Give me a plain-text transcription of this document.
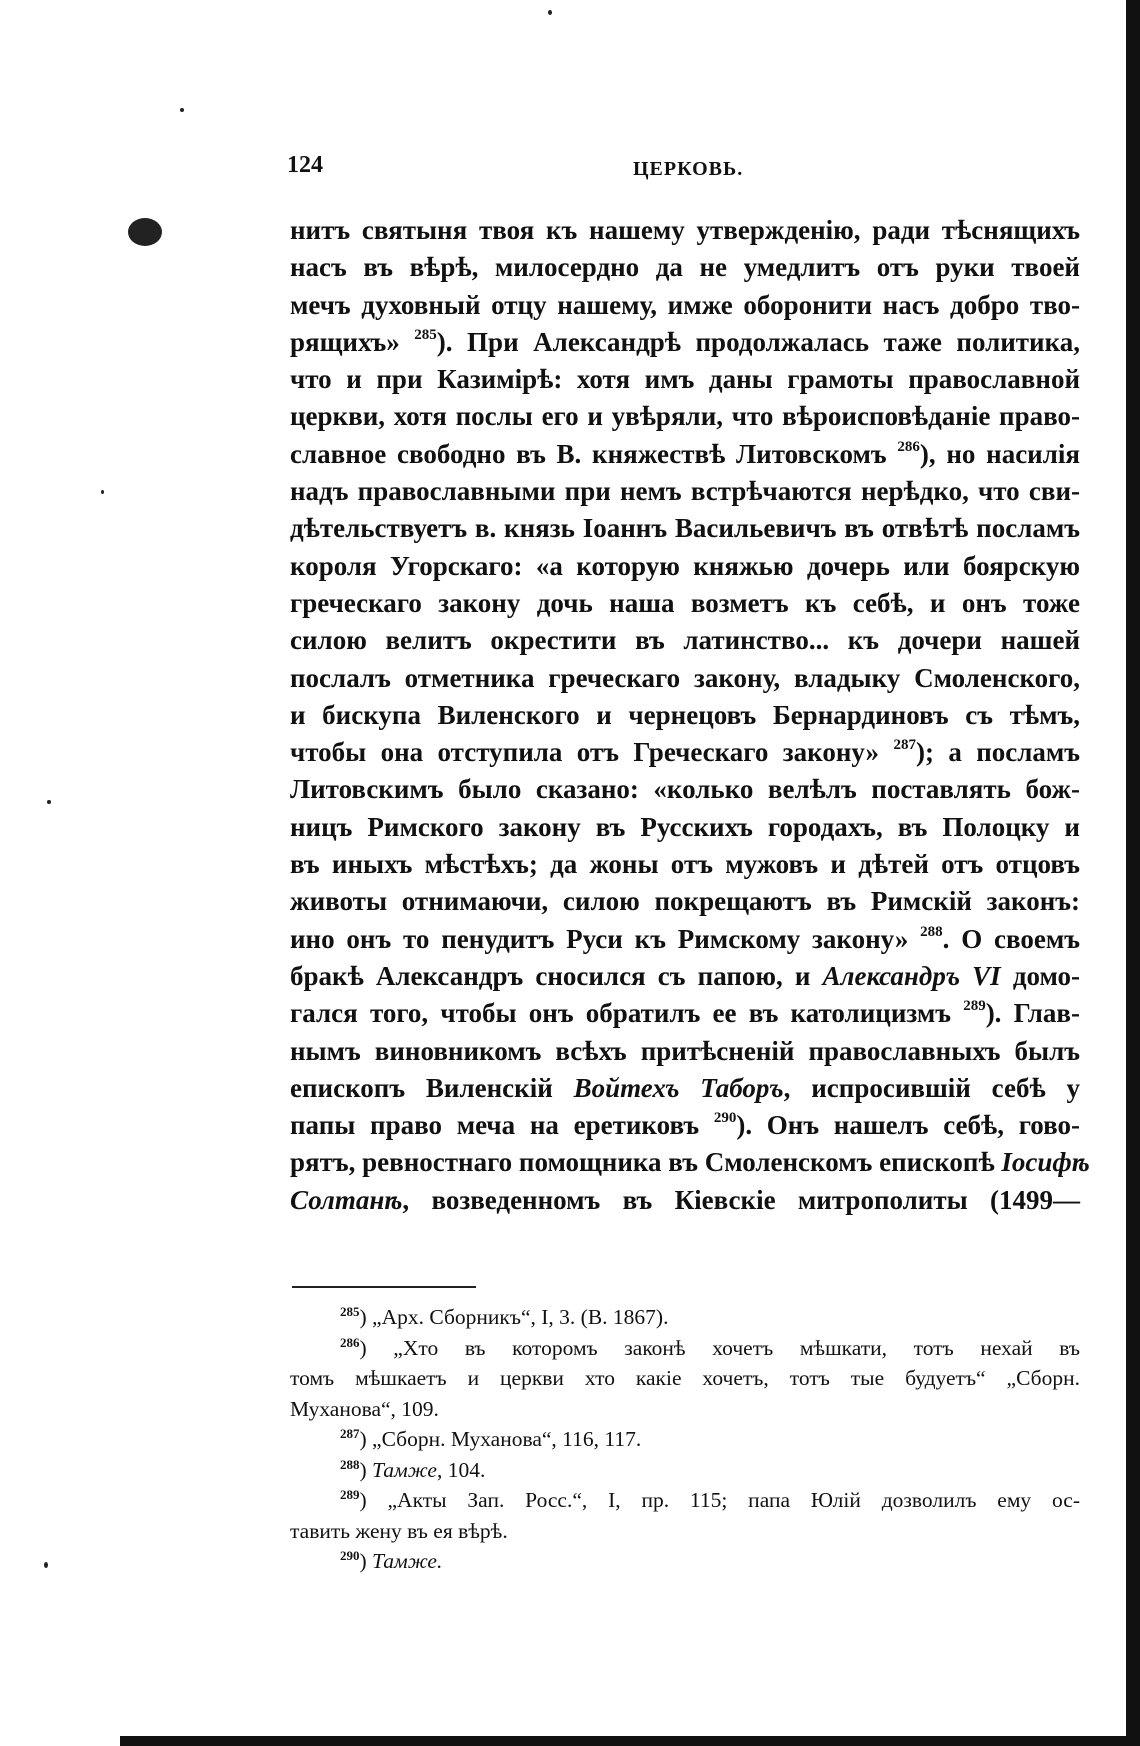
124	ЦЕРКОВЬ.
нитъ святыня твоя къ нашему утвержденію, ради тѣснящихъ
насъ въ вѣрѣ, милосердно да не умедлитъ отъ руки твоей
мечъ духовный отцу нашему, имже оборонити насъ добро тво-
рящихъ» $^{285}$). При Александрѣ продолжалась таже политика,
что и при Казимірѣ: хотя имъ даны грамоты православной
церкви, хотя послы его и увѣряли, что вѣроисповѣданіе право-
славное свободно въ В. княжествѣ Литовскомъ $^{286}$), но насилія
надъ православными при немъ встрѣчаются нерѣдко, что сви-
дѣтельствуетъ в. князь Іоаннъ Васильевичъ въ отвѣтѣ посламъ
короля Угорскаго: «а которую княжью дочерь или боярскую
греческаго закону дочь наша возметъ къ себѣ, и онъ тоже
силою велитъ окрестити въ латинство... къ дочери нашей
послалъ отметника греческаго закону, владыку Смоленского,
и бискупа Виленского и чернецовъ Бернардиновъ съ тѣмъ,
чтобы она отступила отъ Греческаго закону» $^{287}$); а посламъ
Литовскимъ было сказано: «колько велѣлъ поставлять бож-
ницъ Римского закону въ Русскихъ городахъ, въ Полоцку и
въ иныхъ мѣстѣхъ; да жоны отъ мужовъ и дѣтей отъ отцовъ
животы отнимаючи, силою покрещаютъ въ Римскій законъ:
ино онъ то пенудитъ Руси къ Римскому закону» $^{288}$. О своемъ
бракѣ Александръ сносился съ папою, и Александръ VI домо-
гался того, чтобы онъ обратилъ ее въ католицизмъ $^{289}$). Глав-
нымъ виновникомъ всѣхъ притѣсненій православныхъ былъ
епископъ Виленскій Войтехъ Таборъ, испросившій себѣ у
папы право меча на еретиковъ $^{290}$). Онъ нашелъ себѣ, гово-
рятъ, ревностнаго помощника въ Смоленскомъ епископѣ Іосифѣ
Солтанѣ, возведенномъ въ Кіевскіе митрополиты (1499—
$^{285}$) „Арх. Сборникъ“, I, 3. (В. 1867).
$^{286}$) „Хто въ которомъ законѣ хочетъ мѣшкати, тотъ нехай въ
томъ мѣшкаетъ и церкви хто какіе хочетъ, тотъ тые будуетъ“ „Сборн.
Муханова“, 109.
$^{287}$) „Сборн. Муханова“, 116, 117.
$^{288}$) Тамже, 104.
$^{289}$) „Акты Зап. Росс.“, I, пр. 115; папа Юлій дозволилъ ему ос-
тавить жену въ ея вѣрѣ.
$^{290}$) Тамже.
